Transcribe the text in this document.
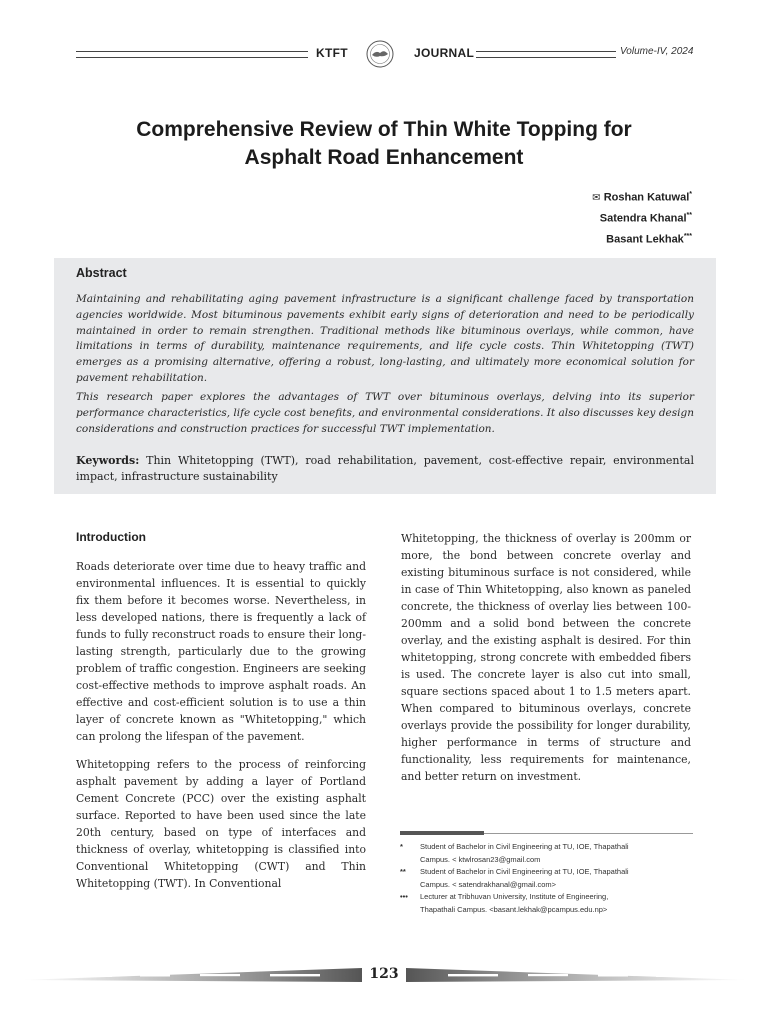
KTFT	JOURNAL	Volume-IV, 2024
Comprehensive Review of Thin White Topping for
Asphalt Road Enhancement
✉ Roshan Katuwal*
Satendra Khanal**
Basant Lekhak***
Abstract

Maintaining and rehabilitating aging pavement infrastructure is a significant challenge faced by transportation agencies worldwide. Most bituminous pavements exhibit early signs of deterioration and need to be periodically maintained in order to remain strengthen. Traditional methods like bituminous overlays, while common, have limitations in terms of durability, maintenance requirements, and life cycle costs. Thin Whitetopping (TWT) emerges as a promising alternative, offering a robust, long-lasting, and ultimately more economical solution for pavement rehabilitation.

This research paper explores the advantages of TWT over bituminous overlays, delving into its superior performance characteristics, life cycle cost benefits, and environmental considerations. It also discusses key design considerations and construction practices for successful TWT implementation.

Keywords: Thin Whitetopping (TWT), road rehabilitation, pavement, cost-effective repair, environmental impact, infrastructure sustainability
Introduction

Roads deteriorate over time due to heavy traffic and environmental influences. It is essential to quickly fix them before it becomes worse. Nevertheless, in less developed nations, there is frequently a lack of funds to fully reconstruct roads to ensure their long-lasting strength, particularly due to the growing problem of traffic congestion. Engineers are seeking cost-effective methods to improve asphalt roads. An effective and cost-efficient solution is to use a thin layer of concrete known as "Whitetopping," which can prolong the lifespan of the pavement.

Whitetopping refers to the process of reinforcing asphalt pavement by adding a layer of Portland Cement Concrete (PCC) over the existing asphalt surface. Reported to have been used since the late 20th century, based on type of interfaces and thickness of overlay, whitetopping is classified into Conventional Whitetopping (CWT) and Thin Whitetopping (TWT). In Conventional

Whitetopping, the thickness of overlay is 200mm or more, the bond between concrete overlay and existing bituminous surface is not considered, while in case of Thin Whitetopping, also known as paneled concrete, the thickness of overlay lies between 100-200mm and a solid bond between the concrete overlay, and the existing asphalt is desired. For thin whitetopping, strong concrete with embedded fibers is used. The concrete layer is also cut into small, square sections spaced about 1 to 1.5 meters apart. When compared to bituminous overlays, concrete overlays provide the possibility for longer durability, higher performance in terms of structure and functionality, less requirements for maintenance, and better return on investment.

* Student of Bachelor in Civil Engineering at TU, IOE, Thapathali
Campus. < ktwlrosan23@gmail.com
** Student of Bachelor in Civil Engineering at TU, IOE, Thapathali
Campus. < satendrakhanal@gmail.com>
••• Lecturer at Tribhuvan University, Institute of Engineering,
Thapathali Campus. <basant.lekhak@pcampus.edu.np>
123
